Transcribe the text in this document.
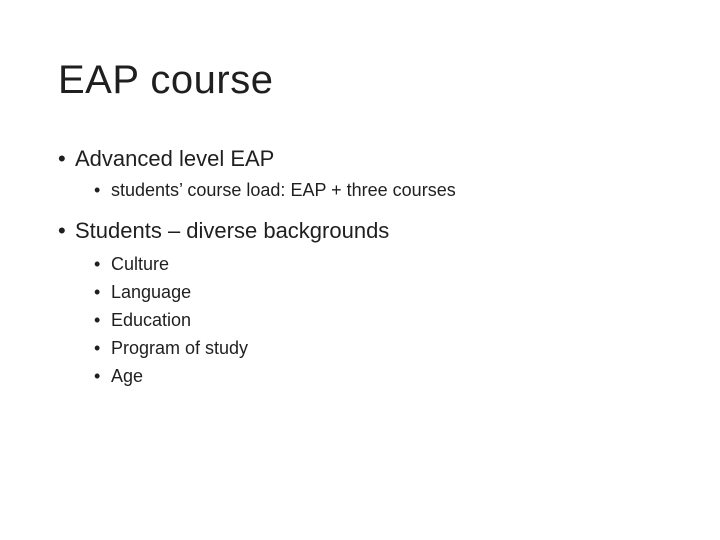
EAP course
• Advanced level EAP
• students’ course load: EAP + three courses
• Students – diverse backgrounds
• Culture
• Language
• Education
• Program of study
• Age
